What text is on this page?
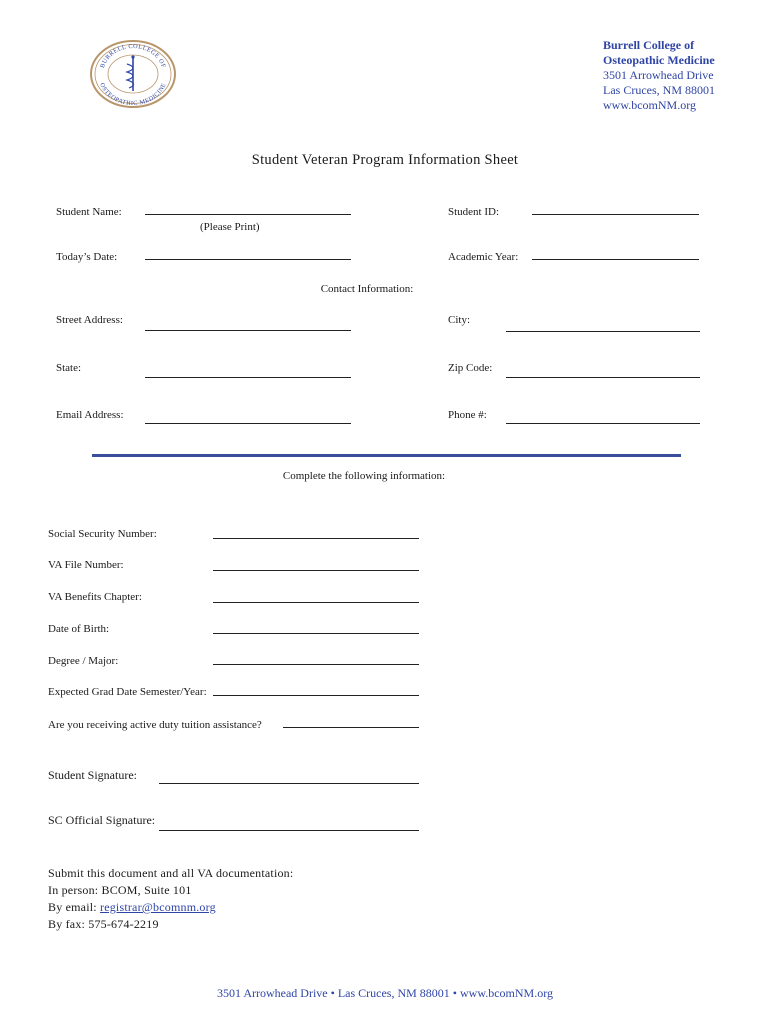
BURRELL COLLEGE OF
OSTEOPATHIC MEDICINE
Burrell College of
Osteopathic Medicine
3501 Arrowhead Drive
Las Cruces, NM 88001
www.bcomNM.org
Student Veteran Program Information Sheet
Student Name:
(Please Print)
Student ID:
Today’s Date:	Academic Year:
Contact Information:
Street Address:	City:
State:	Zip Code:
Email Address:	Phone #:
Complete the following information:
Social Security Number:
VA File Number:
VA Benefits Chapter:
Date of Birth:
Degree / Major:
Expected Grad Date Semester/Year:
Are you receiving active duty tuition assistance?
Student Signature:
SC Official Signature:
Submit this document and all VA documentation:
In person: BCOM, Suite 101
By email: registrar@bcomnm.org
By fax: 575-674-2219
3501 Arrowhead Drive • Las Cruces, NM 88001 • www.bcomNM.org
